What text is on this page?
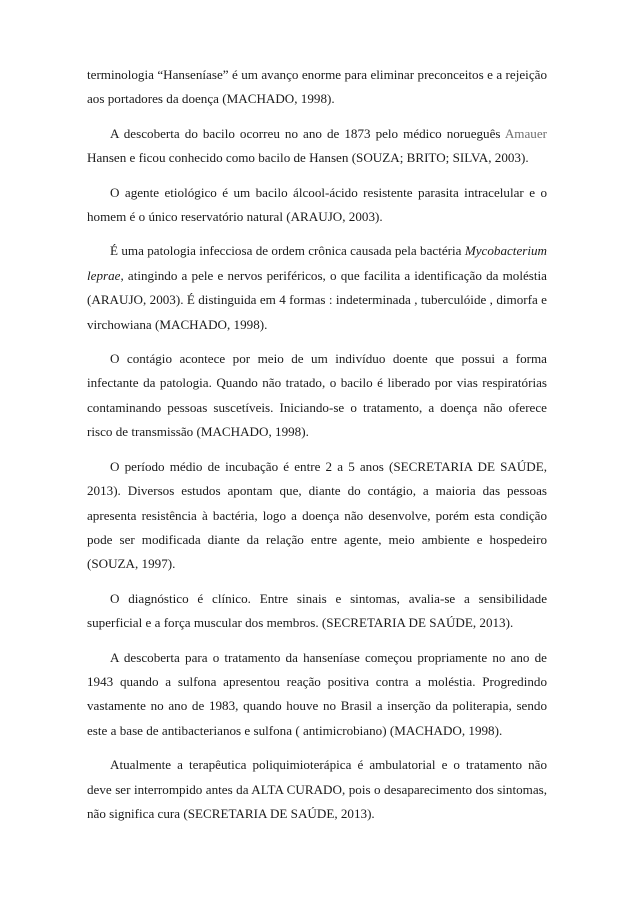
terminologia “Hanseníase” é um avanço enorme para eliminar preconceitos e a rejeição aos portadores da doença (MACHADO, 1998).

A descoberta do bacilo ocorreu no ano de 1873 pelo médico norueguês Amauer Hansen e ficou conhecido como bacilo de Hansen (SOUZA; BRITO; SILVA, 2003).

O agente etiológico é um bacilo álcool-ácido resistente parasita intracelular e o homem é o único reservatório natural (ARAUJO, 2003).

É uma patologia infecciosa de ordem crônica causada pela bactéria Mycobacterium leprae, atingindo a pele e nervos periféricos, o que facilita a identificação da moléstia (ARAUJO, 2003). É distinguida em 4 formas : indeterminada , tuberculóide , dimorfa e virchowiana (MACHADO, 1998).

O contágio acontece por meio de um indivíduo doente que possui a forma infectante da patologia. Quando não tratado, o bacilo é liberado por vias respiratórias contaminando pessoas suscetíveis. Iniciando-se o tratamento, a doença não oferece risco de transmissão (MACHADO, 1998).

O período médio de incubação é entre 2 a 5 anos (SECRETARIA DE SAÚDE, 2013). Diversos estudos apontam que, diante do contágio, a maioria das pessoas apresenta resistência à bactéria, logo a doença não desenvolve, porém esta condição pode ser modificada diante da relação entre agente, meio ambiente e hospedeiro (SOUZA, 1997).

O diagnóstico é clínico. Entre sinais e sintomas, avalia-se a sensibilidade superficial e a força muscular dos membros. (SECRETARIA DE SAÚDE, 2013).

A descoberta para o tratamento da hanseníase começou propriamente no ano de 1943 quando a sulfona apresentou reação positiva contra a moléstia. Progredindo vastamente no ano de 1983, quando houve no Brasil a inserção da politerapia, sendo este a base de antibacterianos e sulfona ( antimicrobiano) (MACHADO, 1998).

Atualmente a terapêutica poliquimioterápica é ambulatorial e o tratamento não deve ser interrompido antes da ALTA CURADO, pois o desaparecimento dos sintomas, não significa cura (SECRETARIA DE SAÚDE, 2013).
